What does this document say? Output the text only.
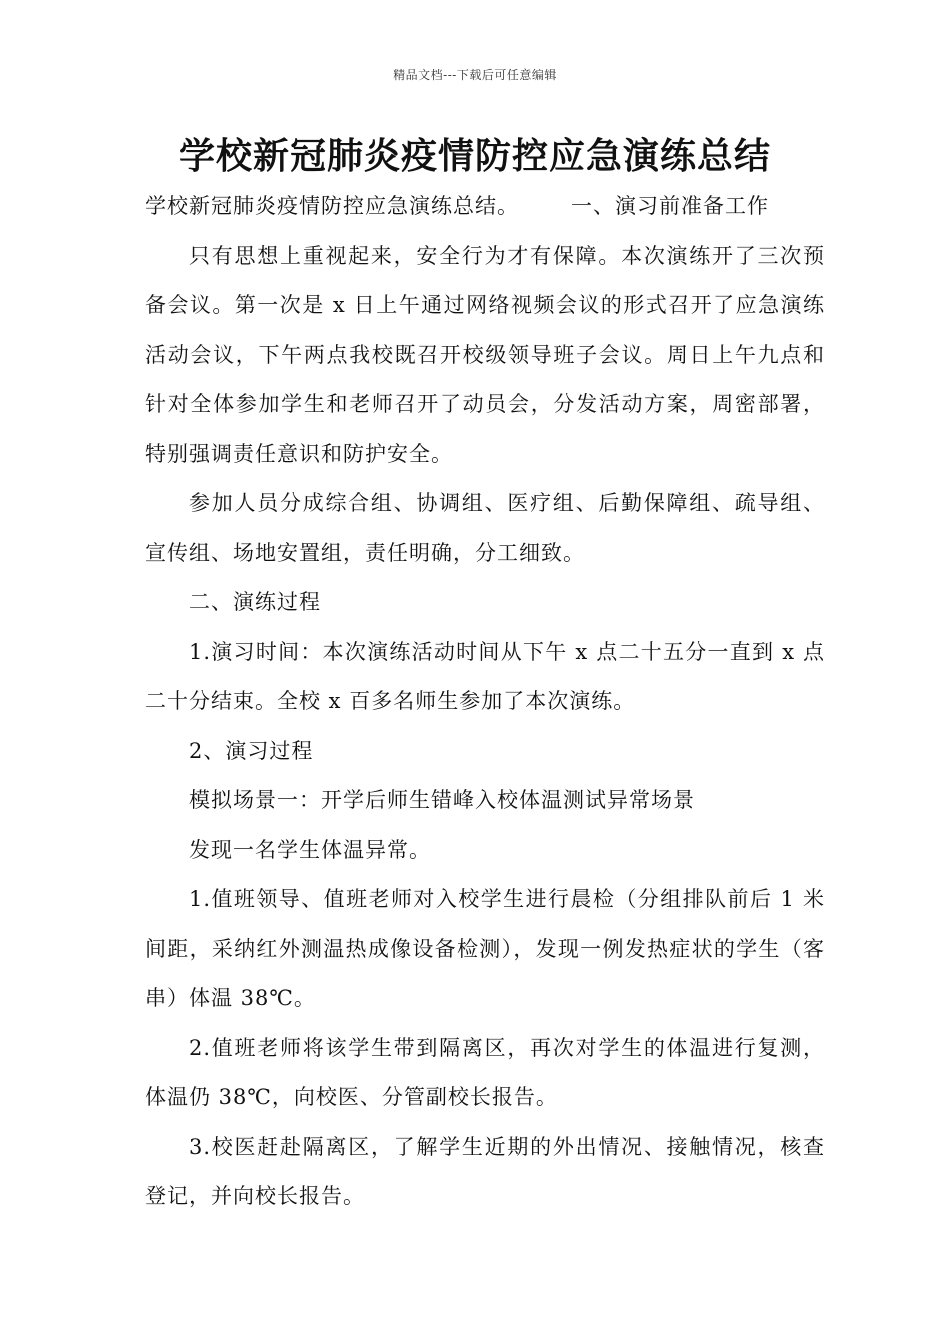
精品文档---下载后可任意编辑
学校新冠肺炎疫情防控应急演练总结

学校新冠肺炎疫情防控应急演练总结。 一、演习前准备工作

只有思想上重视起来，安全行为才有保障。本次演练开了三次预备会议。第一次是 x 日上午通过网络视频会议的形式召开了应急演练活动会议，下午两点我校既召开校级领导班子会议。周日上午九点和针对全体参加学生和老师召开了动员会，分发活动方案，周密部署，特别强调责任意识和防护安全。

参加人员分成综合组、协调组、医疗组、后勤保障组、疏导组、宣传组、场地安置组，责任明确，分工细致。

二、演练过程

1.演习时间：本次演练活动时间从下午 x 点二十五分一直到 x 点二十分结束。全校 x 百多名师生参加了本次演练。

2、演习过程

模拟场景一：开学后师生错峰入校体温测试异常场景

发现一名学生体温异常。

1.值班领导、值班老师对入校学生进行晨检（分组排队前后 1 米间距，采纳红外测温热成像设备检测），发现一例发热症状的学生（客串）体温 38℃。

2.值班老师将该学生带到隔离区，再次对学生的体温进行复测，体温仍 38℃，向校医、分管副校长报告。

3.校医赶赴隔离区，了解学生近期的外出情况、接触情况，核查登记，并向校长报告。
